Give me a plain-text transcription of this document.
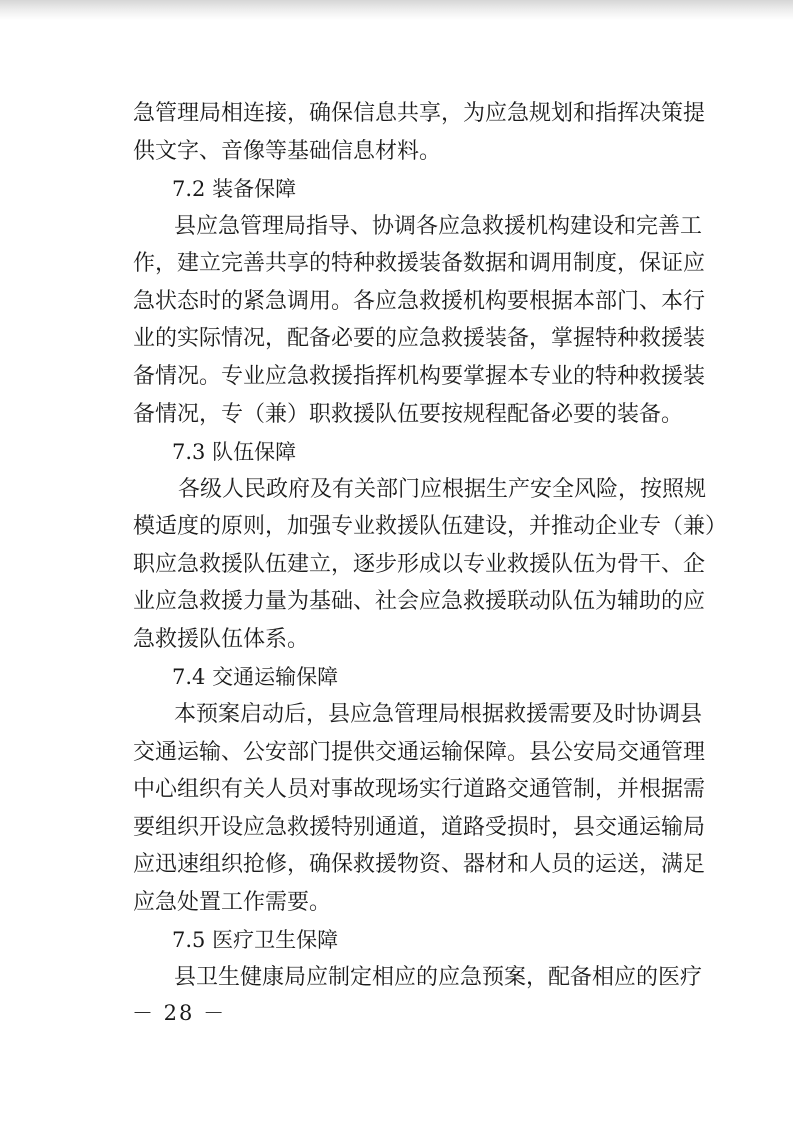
急管理局相连接，确保信息共享，为应急规划和指挥决策提
供文字、音像等基础信息材料。
7.2 装备保障
县应急管理局指导、协调各应急救援机构建设和完善工
作，建立完善共享的特种救援装备数据和调用制度，保证应
急状态时的紧急调用。各应急救援机构要根据本部门、本行
业的实际情况，配备必要的应急救援装备，掌握特种救援装
备情况。专业应急救援指挥机构要掌握本专业的特种救援装
备情况，专（兼）职救援队伍要按规程配备必要的装备。
7.3 队伍保障
各级人民政府及有关部门应根据生产安全风险，按照规
模适度的原则，加强专业救援队伍建设，并推动企业专（兼）
职应急救援队伍建立，逐步形成以专业救援队伍为骨干、企
业应急救援力量为基础、社会应急救援联动队伍为辅助的应
急救援队伍体系。
7.4 交通运输保障
本预案启动后，县应急管理局根据救援需要及时协调县
交通运输、公安部门提供交通运输保障。县公安局交通管理
中心组织有关人员对事故现场实行道路交通管制，并根据需
要组织开设应急救援特别通道，道路受损时，县交通运输局
应迅速组织抢修，确保救援物资、器材和人员的运送，满足
应急处置工作需要。
7.5 医疗卫生保障
县卫生健康局应制定相应的应急预案，配备相应的医疗
－ 28 －
